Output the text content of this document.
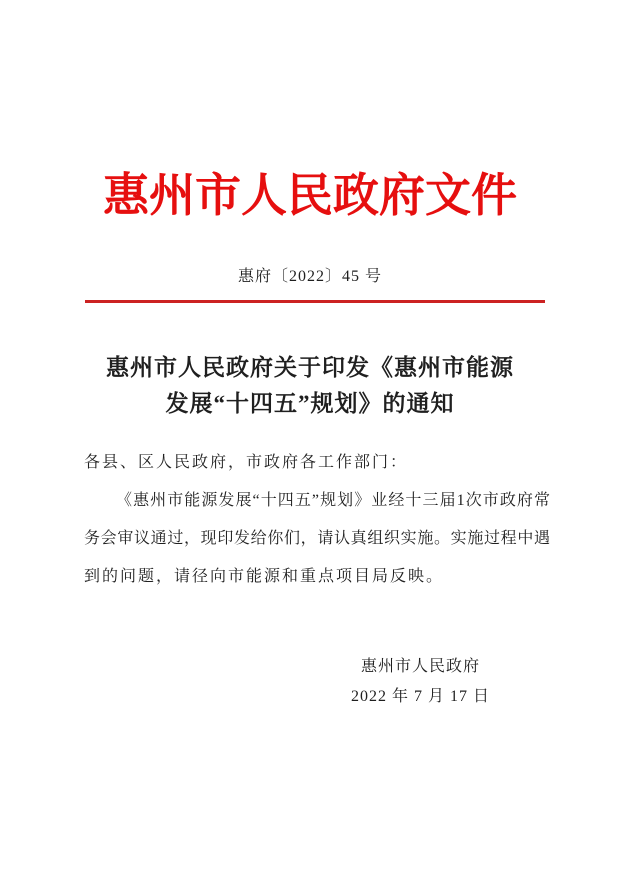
惠州市人民政府文件
惠府〔2022〕45 号
惠州市人民政府关于印发《惠州市能源
发展“十四五”规划》的通知
各县、区人民政府，市政府各工作部门：
《惠州市能源发展“十四五”规划》业经十三届1次市政府常
务会审议通过，现印发给你们，请认真组织实施。实施过程中遇
到的问题，请径向市能源和重点项目局反映。
惠州市人民政府
2022 年 7 月 17 日
